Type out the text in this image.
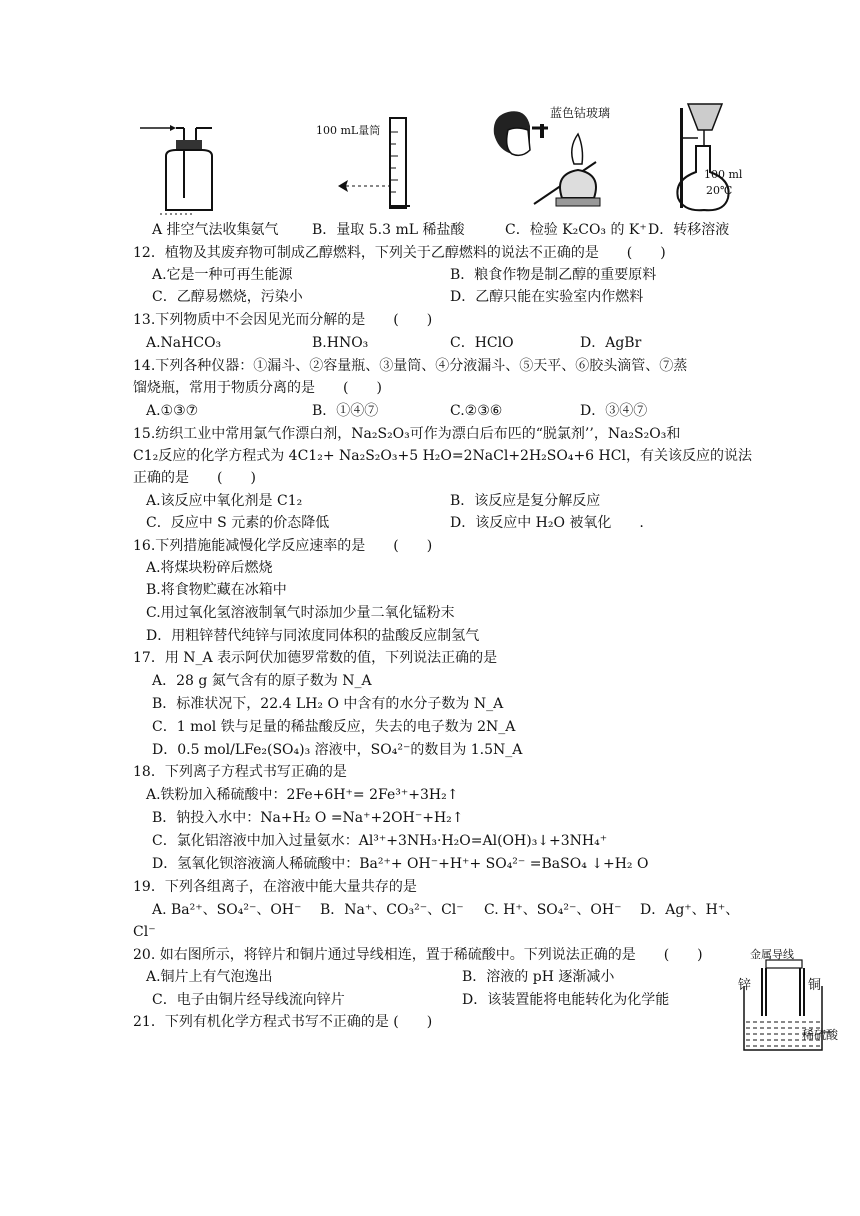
100 mL量筒
蓝色钴玻璃
100 ml
20℃
A 排空气法收集氨气 B．量取 5.3 mL 稀盐酸	C．检验 K₂CO₃ 的 K⁺ D．转移溶液
12．植物及其废弃物可制成乙醇燃料，下列关于乙醇燃料的说法不正确的是　　(　　)
A.它是一种可再生能源	B．粮食作物是制乙醇的重要原料
C．乙醇易燃烧，污染小	D．乙醇只能在实验室内作燃料
13.下列物质中不会因见光而分解的是　　(　　)
A.NaHCO₃	B.HNO₃	C．HClO	D．AgBr
14.下列各种仪器：①漏斗、②容量瓶、③量筒、④分液漏斗、⑤天平、⑥胶头滴管、⑦蒸
馏烧瓶，常用于物质分离的是　　(　　)
A.①③⑦	B．①④⑦	C.②③⑥	D．③④⑦
15.纺织工业中常用氯气作漂白剂，Na₂S₂O₃可作为漂白后布匹的“脱氯剂’’，Na₂S₂O₃和
C1₂反应的化学方程式为 4C1₂+ Na₂S₂O₃+5 H₂O=2NaCl+2H₂SO₄+6 HCl，有关该反应的说法
正确的是　　(　　)
A.该反应中氧化剂是 C1₂	B．该反应是复分解反应
C．反应中 S 元素的价态降低	D．该反应中 H₂O 被氧化　　.
16.下列措施能减慢化学反应速率的是　　(　　)
A.将煤块粉碎后燃烧
B.将食物贮藏在冰箱中
C.用过氧化氢溶液制氧气时添加少量二氧化锰粉末
D．用粗锌替代纯锌与同浓度同体积的盐酸反应制氢气
17．用 N_A 表示阿伏加德罗常数的值，下列说法正确的是
A．28 g 氮气含有的原子数为 N_A
B．标准状况下，22.4 LH₂ O 中含有的水分子数为 N_A
C．1 mol 铁与足量的稀盐酸反应，失去的电子数为 2N_A
D．0.5 mol/LFe₂(SO₄)₃ 溶液中，SO₄²⁻的数目为 1.5N_A
18．下列离子方程式书写正确的是
A.铁粉加入稀硫酸中：2Fe+6H⁺= 2Fe³⁺+3H₂↑
B．钠投入水中：Na+H₂ O =Na⁺+2OH⁻+H₂↑
C．氯化铝溶液中加入过量氨水：Al³⁺+3NH₃·H₂O=Al(OH)₃↓+3NH₄⁺
D．氢氧化钡溶液滴人稀硫酸中：Ba²⁺+ OH⁻+H⁺+ SO₄²⁻ =BaSO₄ ↓+H₂ O
19．下列各组离子，在溶液中能大量共存的是
A. Ba²⁺、SO₄²⁻、OH⁻ B．Na⁺、CO₃²⁻、Cl⁻ C. H⁺、SO₄²⁻、OH⁻ D．Ag⁺、H⁺、
Cl⁻
20. 如右图所示，将锌片和铜片通过导线相连，置于稀硫酸中。下列说法正确的是　　(　　)
A.铜片上有气泡逸出	B．溶液的 pH 逐渐减小
C．电子由铜片经导线流向锌片	D．该装置能将电能转化为化学能
21．下列有机化学方程式书写不正确的是 (　　)
金属导线
锌	铜
稀硫酸
